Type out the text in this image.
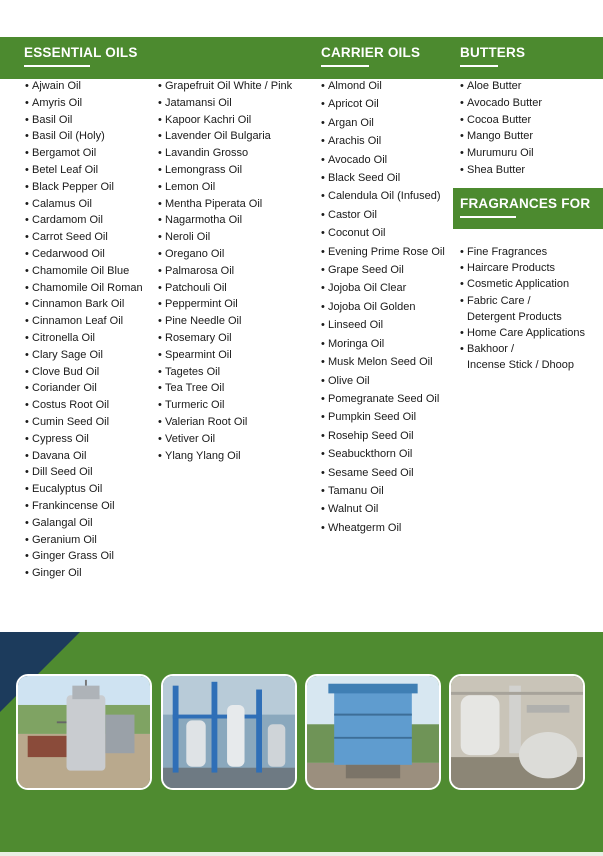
ESSENTIAL OILS	CARRIER OILS	BUTTERS
• Ajwain Oil
• Amyris Oil
• Basil Oil
• Basil Oil (Holy)
• Bergamot Oil
• Betel Leaf Oil
• Black Pepper Oil
• Calamus Oil
• Cardamom Oil
• Carrot Seed Oil
• Cedarwood Oil
• Chamomile Oil Blue
• Chamomile Oil Roman
• Cinnamon Bark Oil
• Cinnamon Leaf Oil
• Citronella Oil
• Clary Sage Oil
• Clove Bud Oil
• Coriander Oil
• Costus Root Oil
• Cumin Seed Oil
• Cypress Oil
• Davana Oil
• Dill Seed Oil
• Eucalyptus Oil
• Frankincense Oil
• Galangal Oil
• Geranium Oil
• Ginger Grass Oil
• Ginger Oil
• Grapefruit Oil White / Pink
• Jatamansi Oil
• Kapoor Kachri Oil
• Lavender Oil Bulgaria
• Lavandin Grosso
• Lemongrass Oil
• Lemon Oil
• Mentha Piperata Oil
• Nagarmotha Oil
• Neroli Oil
• Oregano Oil
• Palmarosa Oil
• Patchouli Oil
• Peppermint Oil
• Pine Needle Oil
• Rosemary Oil
• Spearmint Oil
• Tagetes Oil
• Tea Tree Oil
• Turmeric Oil
• Valerian Root Oil
• Vetiver Oil
• Ylang Ylang Oil
• Almond Oil
• Apricot Oil
• Argan Oil
• Arachis Oil
• Avocado Oil
• Black Seed Oil
• Calendula Oil (Infused)
• Castor Oil
• Coconut Oil
• Evening Prime Rose Oil
• Grape Seed Oil
• Jojoba Oil Clear
• Jojoba Oil Golden
• Linseed Oil
• Moringa Oil
• Musk Melon Seed Oil
• Olive Oil
• Pomegranate Seed Oil
• Pumpkin Seed Oil
• Rosehip Seed Oil
• Seabuckthorn Oil
• Sesame Seed Oil
• Tamanu Oil
• Walnut Oil
• Wheatgerm Oil
• Aloe Butter
• Avocado Butter
• Cocoa Butter
• Mango Butter
• Murumuru Oil
• Shea Butter
FRAGRANCES FOR
• Fine Fragrances
• Haircare Products
• Cosmetic Application
• Fabric Care /
Detergent Products
• Home Care Applications
• Bakhoor /
Incense Stick / Dhoop
